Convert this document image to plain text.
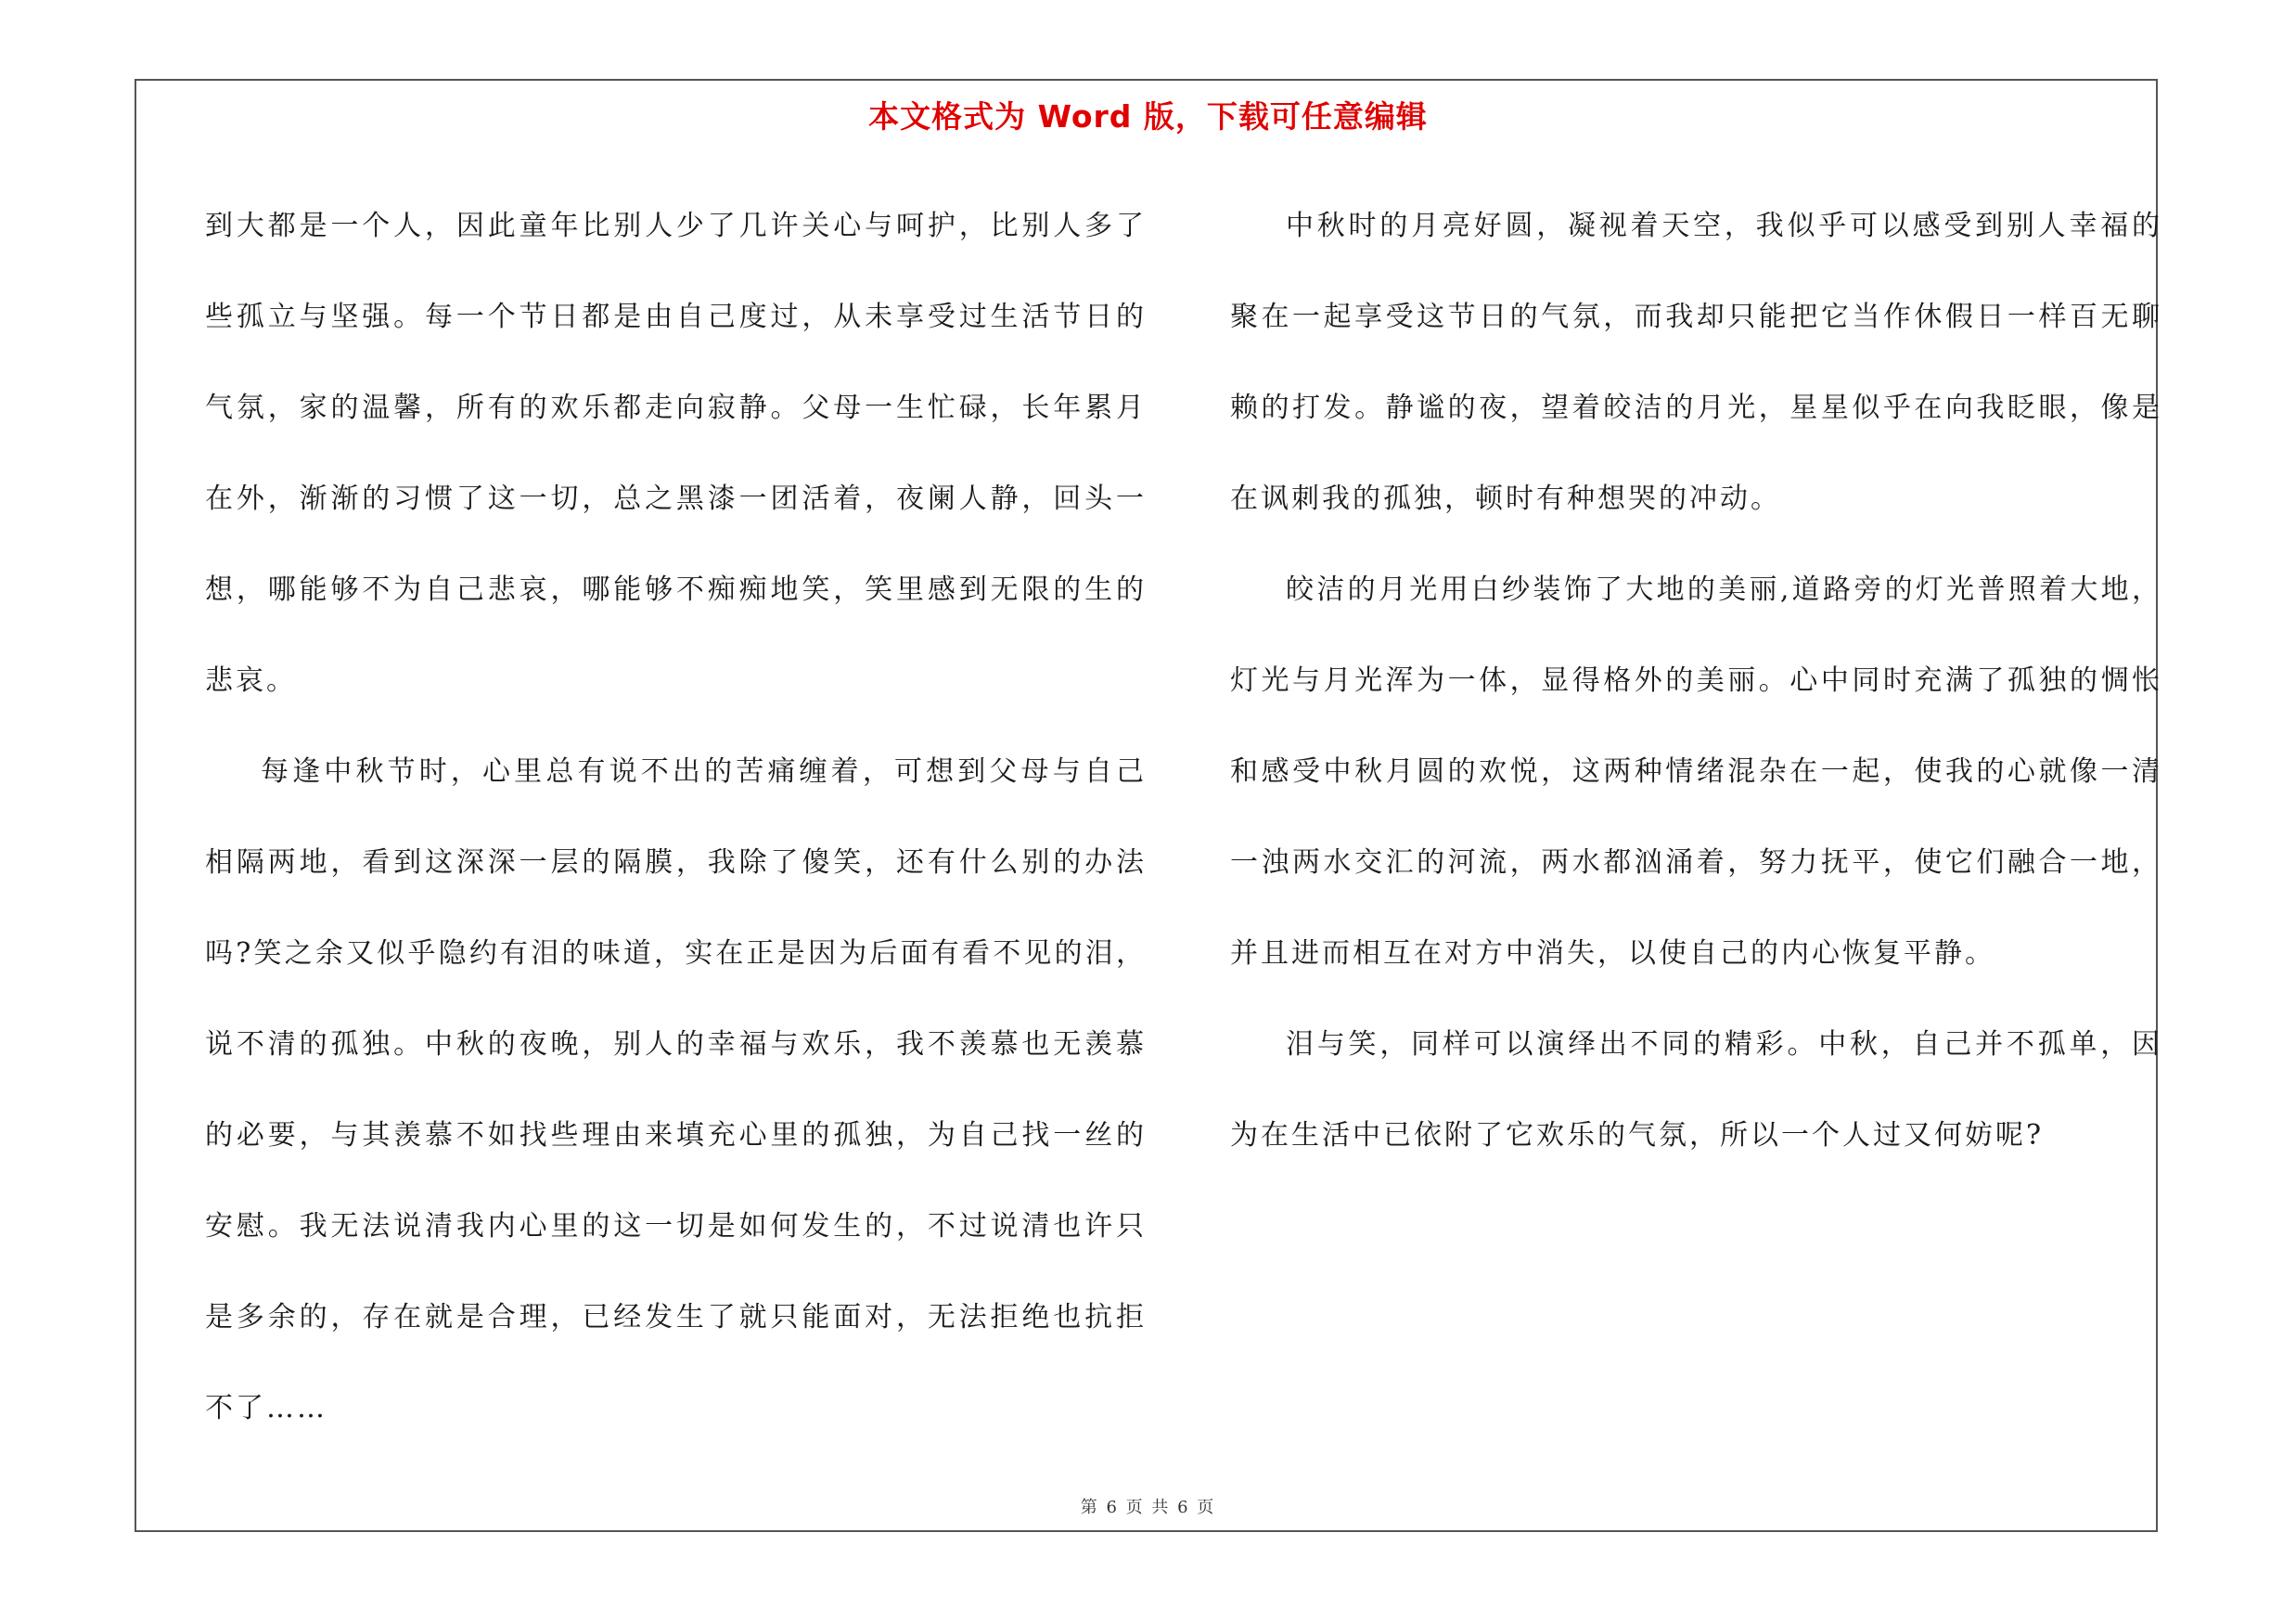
本文格式为 Word 版，下载可任意编辑

到大都是一个人，因此童年比别人少了几许关心与呵护，比别人多了些孤立与坚强。每一个节日都是由自己度过，从未享受过生活节日的气氛，家的温馨，所有的欢乐都走向寂静。父母一生忙碌，长年累月在外，渐渐的习惯了这一切，总之黑漆一团活着，夜阑人静，回头一想，哪能够不为自己悲哀，哪能够不痴痴地笑，笑里感到无限的生的悲哀。

每逢中秋节时，心里总有说不出的苦痛缠着，可想到父母与自己相隔两地，看到这深深一层的隔膜，我除了傻笑，还有什么别的办法吗?笑之余又似乎隐约有泪的味道，实在正是因为后面有看不见的泪，说不清的孤独。中秋的夜晚，别人的幸福与欢乐，我不羡慕也无羡慕的必要，与其羡慕不如找些理由来填充心里的孤独，为自己找一丝的安慰。我无法说清我内心里的这一切是如何发生的，不过说清也许只是多余的，存在就是合理，已经发生了就只能面对，无法拒绝也抗拒不了……

中秋时的月亮好圆，凝视着天空，我似乎可以感受到别人幸福的聚在一起享受这节日的气氛，而我却只能把它当作休假日一样百无聊赖的打发。静谧的夜，望着皎洁的月光，星星似乎在向我眨眼，像是在讽刺我的孤独，顿时有种想哭的冲动。

皎洁的月光用白纱装饰了大地的美丽,道路旁的灯光普照着大地，灯光与月光浑为一体，显得格外的美丽。心中同时充满了孤独的惆怅和感受中秋月圆的欢悦，这两种情绪混杂在一起，使我的心就像一清一浊两水交汇的河流，两水都汹涌着，努力抚平，使它们融合一地，并且进而相互在对方中消失，以使自己的内心恢复平静。

泪与笑，同样可以演绎出不同的精彩。中秋，自己并不孤单，因为在生活中已依附了它欢乐的气氛，所以一个人过又何妨呢?

第 6 页 共 6 页
